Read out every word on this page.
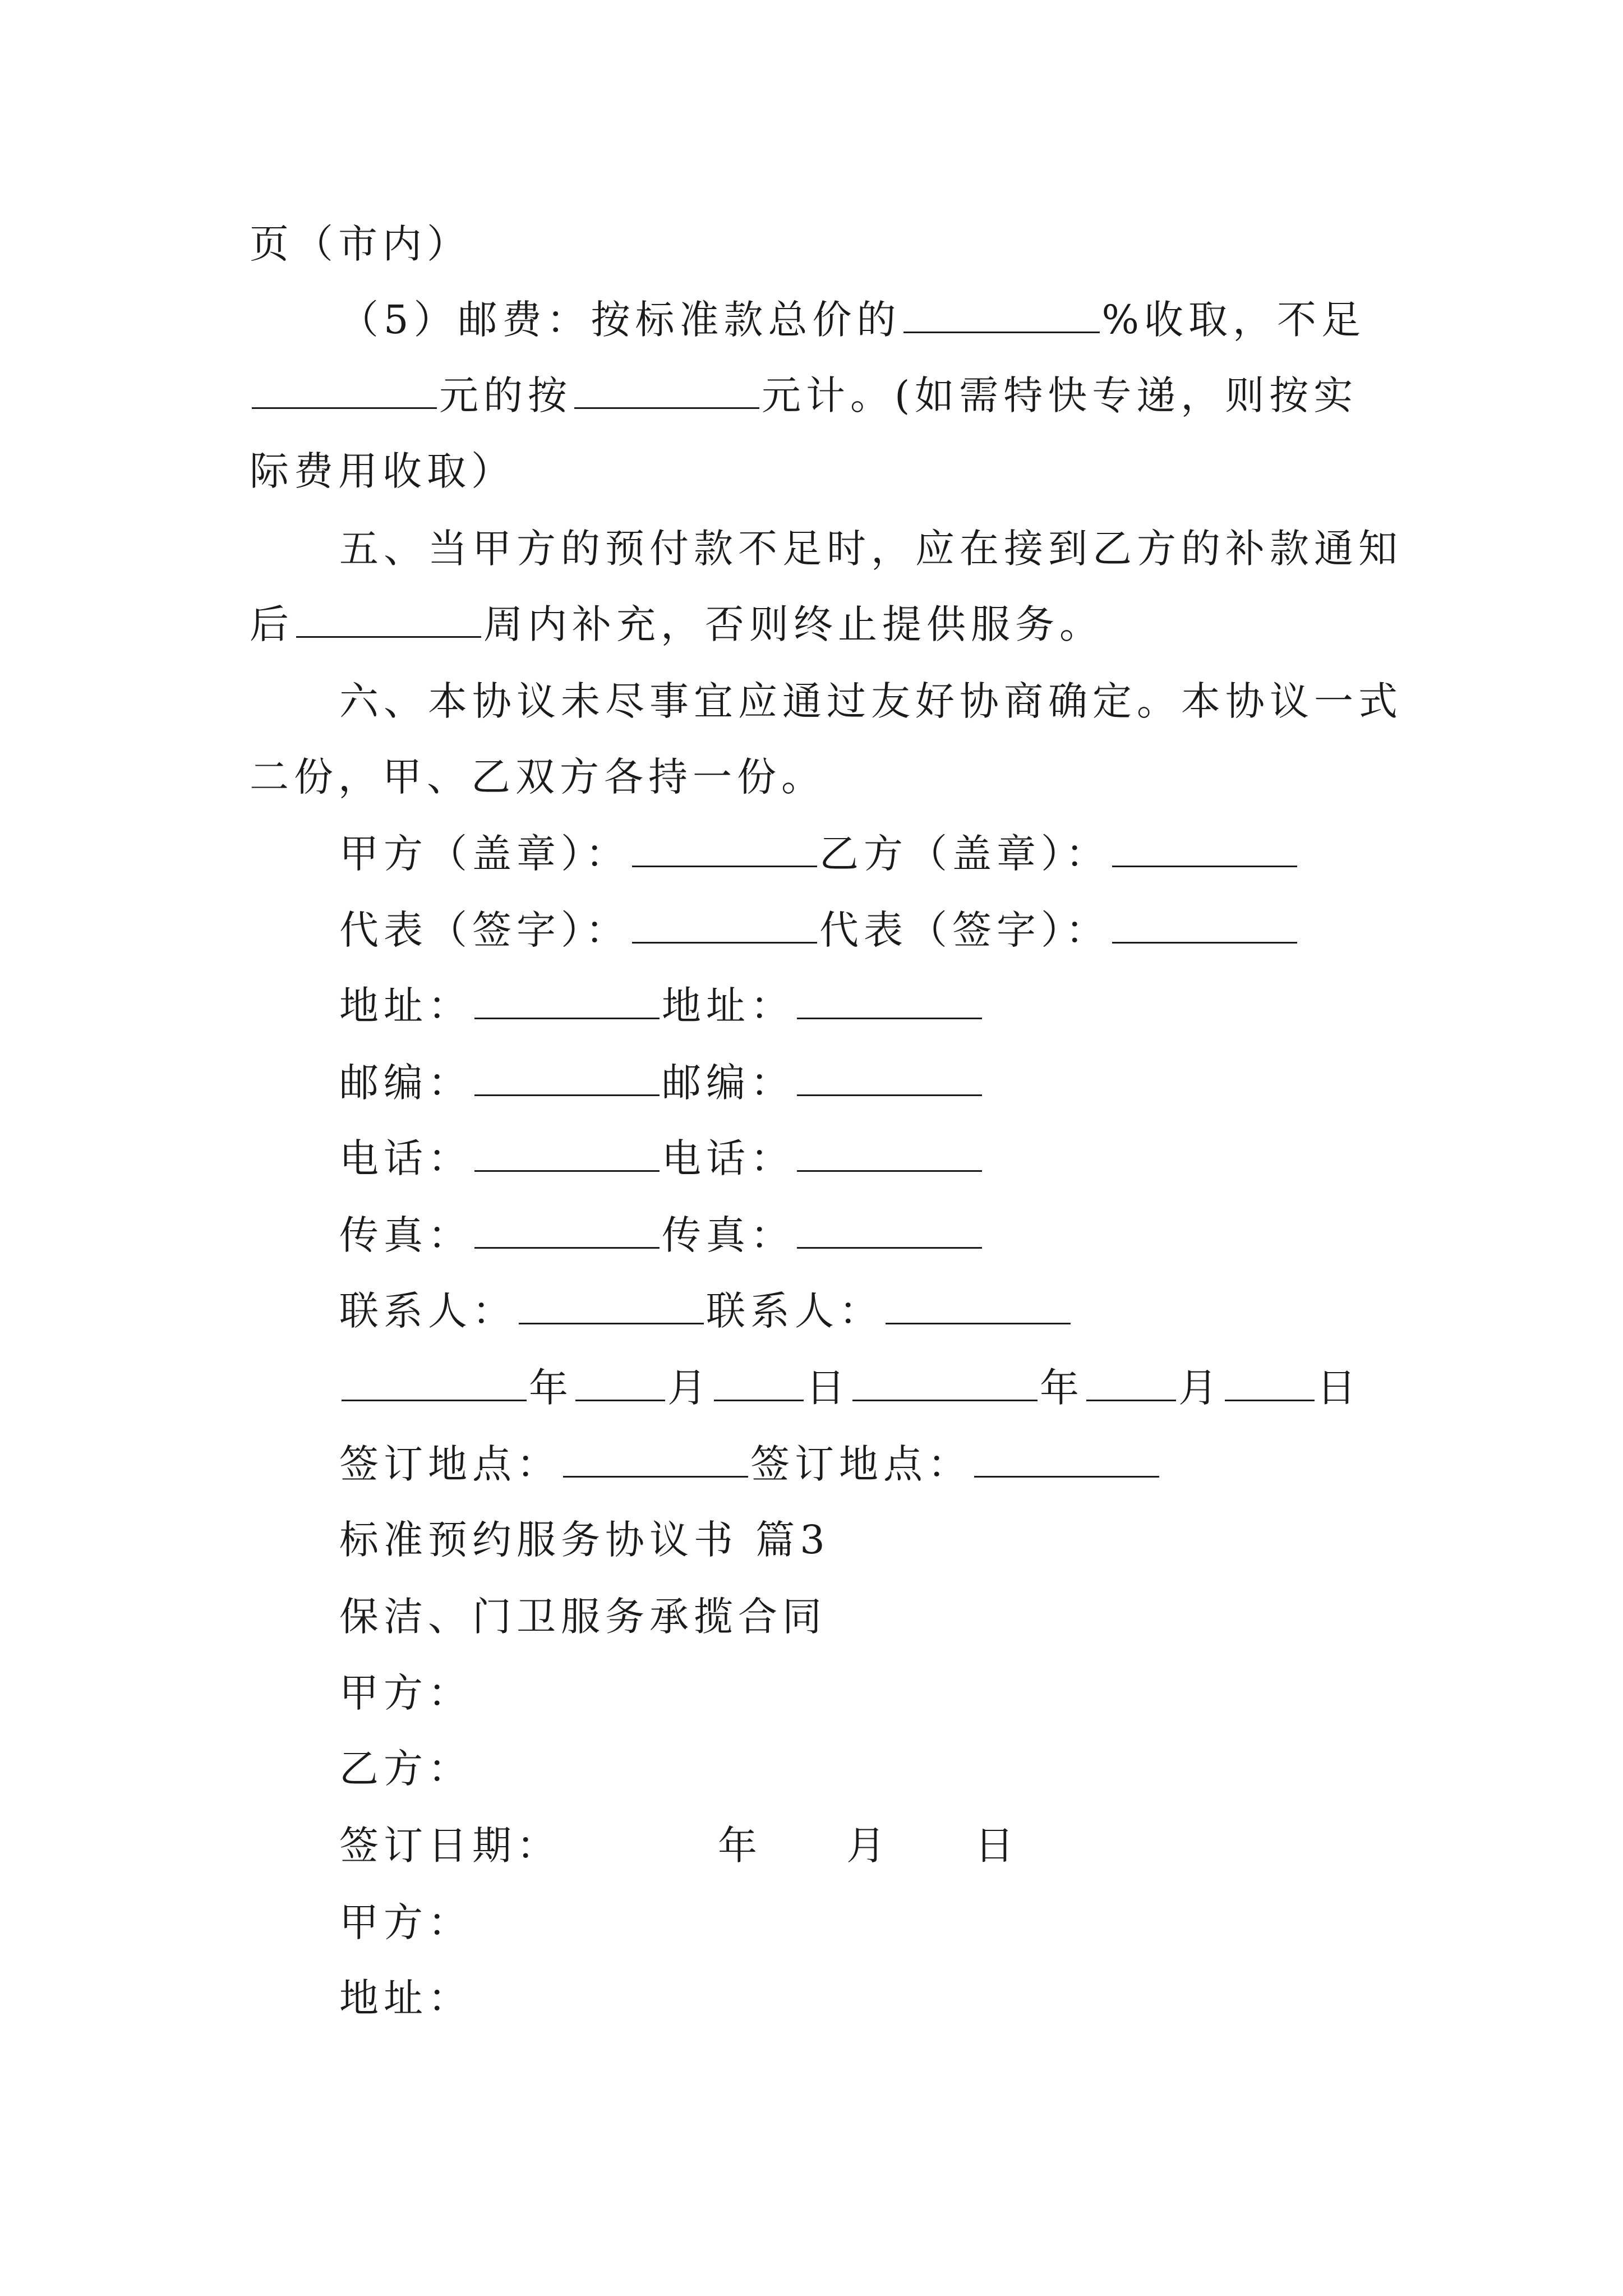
页（市内）
（5）邮费：按标准款总价的	%收取，不足
元的按	元计。(如需特快专递，则按实
际费用收取）
五、当甲方的预付款不足时，应在接到乙方的补款通知
后	周内补充，否则终止提供服务。
六、本协议未尽事宜应通过友好协商确定。本协议一式
二份，甲、乙双方各持一份。
甲方（盖章）：	乙方（盖章）：
代表（签字）：	代表（签字）：
地址：	地址：
邮编：	邮编：
电话：	电话：
传真：	传真：
联系人：	联系人：
年 月 日	年 月 日
签订地点：	签订地点：
标准预约服务协议书 篇3
保洁、门卫服务承揽合同
甲方：
乙方：
签订日期：	年 月 日
甲方：
地址：
